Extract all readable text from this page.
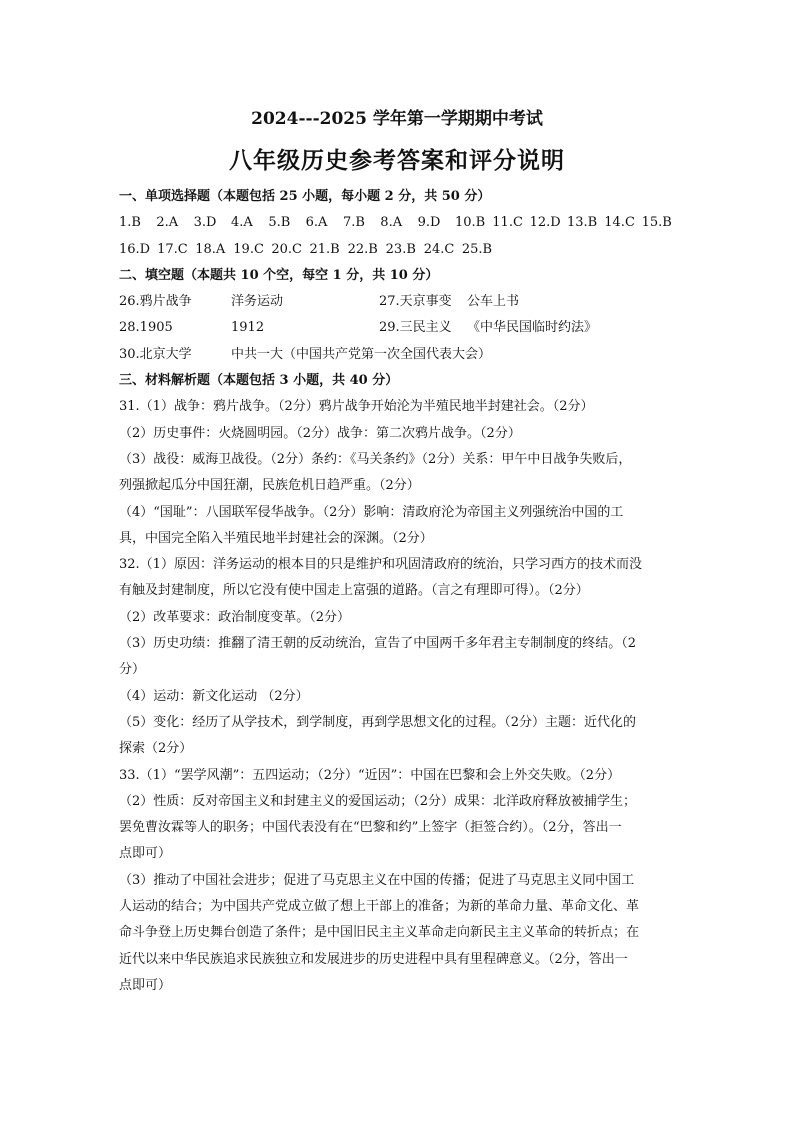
2024---2025 学年第一学期期中考试
八年级历史参考答案和评分说明
一、单项选择题（本题包括 25 小题，每小题 2 分，共 50 分）
1.B	2.A	3.D	4.A	5.B	6.A	7.B	8.A	9.D	10.B 11.C 12.D 13.B 14.C 15.B
16.D 17.C 18.A 19.C 20.C 21.B 22.B 23.B 24.C 25.B
二、填空题（本题共 10 个空，每空 1 分，共 10 分）
26.鸦片战争	洋务运动	27.天京事变	公车上书
28.1905	1912	29.三民主义	《中华民国临时约法》
30.北京大学	中共一大（中国共产党第一次全国代表大会）
三、材料解析题（本题包括 3 小题，共 40 分）
31.（1）战争：鸦片战争。（2分）鸦片战争开始沦为半殖民地半封建社会。（2分）
（2）历史事件：火烧圆明园。（2分）战争：第二次鸦片战争。（2分）
（3）战役：威海卫战役。（2分）条约：《马关条约》（2分）关系：甲午中日战争失败后，
列强掀起瓜分中国狂潮，民族危机日趋严重。（2分）
（4）“国耻”：八国联军侵华战争。（2分）影响：清政府沦为帝国主义列强统治中国的工
具，中国完全陷入半殖民地半封建社会的深渊。（2分）
32.（1）原因：洋务运动的根本目的只是维护和巩固清政府的统治，只学习西方的技术而没
有触及封建制度，所以它没有使中国走上富强的道路。（言之有理即可得）。（2分）
（2）改革要求：政治制度变革。（2分）
（3）历史功绩：推翻了清王朝的反动统治，宣告了中国两千多年君主专制制度的终结。（2
分）
（4）运动：新文化运动 （2分）
（5）变化：经历了从学技术，到学制度，再到学思想文化的过程。（2分）主题：近代化的
探索（2分）
33.（1）“罢学风潮”：五四运动；（2分）“近因”：中国在巴黎和会上外交失败。（2分）
（2）性质：反对帝国主义和封建主义的爱国运动；（2分）成果：北洋政府释放被捕学生；
罢免曹汝霖等人的职务；中国代表没有在“巴黎和约”上签字（拒签合约）。（2分，答出一
点即可）
（3）推动了中国社会进步；促进了马克思主义在中国的传播；促进了马克思主义同中国工
人运动的结合；为中国共产党成立做了想上干部上的准备；为新的革命力量、革命文化、革
命斗争登上历史舞台创造了条件；是中国旧民主主义革命走向新民主主义革命的转折点；在
近代以来中华民族追求民族独立和发展进步的历史进程中具有里程碑意义。（2分，答出一
点即可）
